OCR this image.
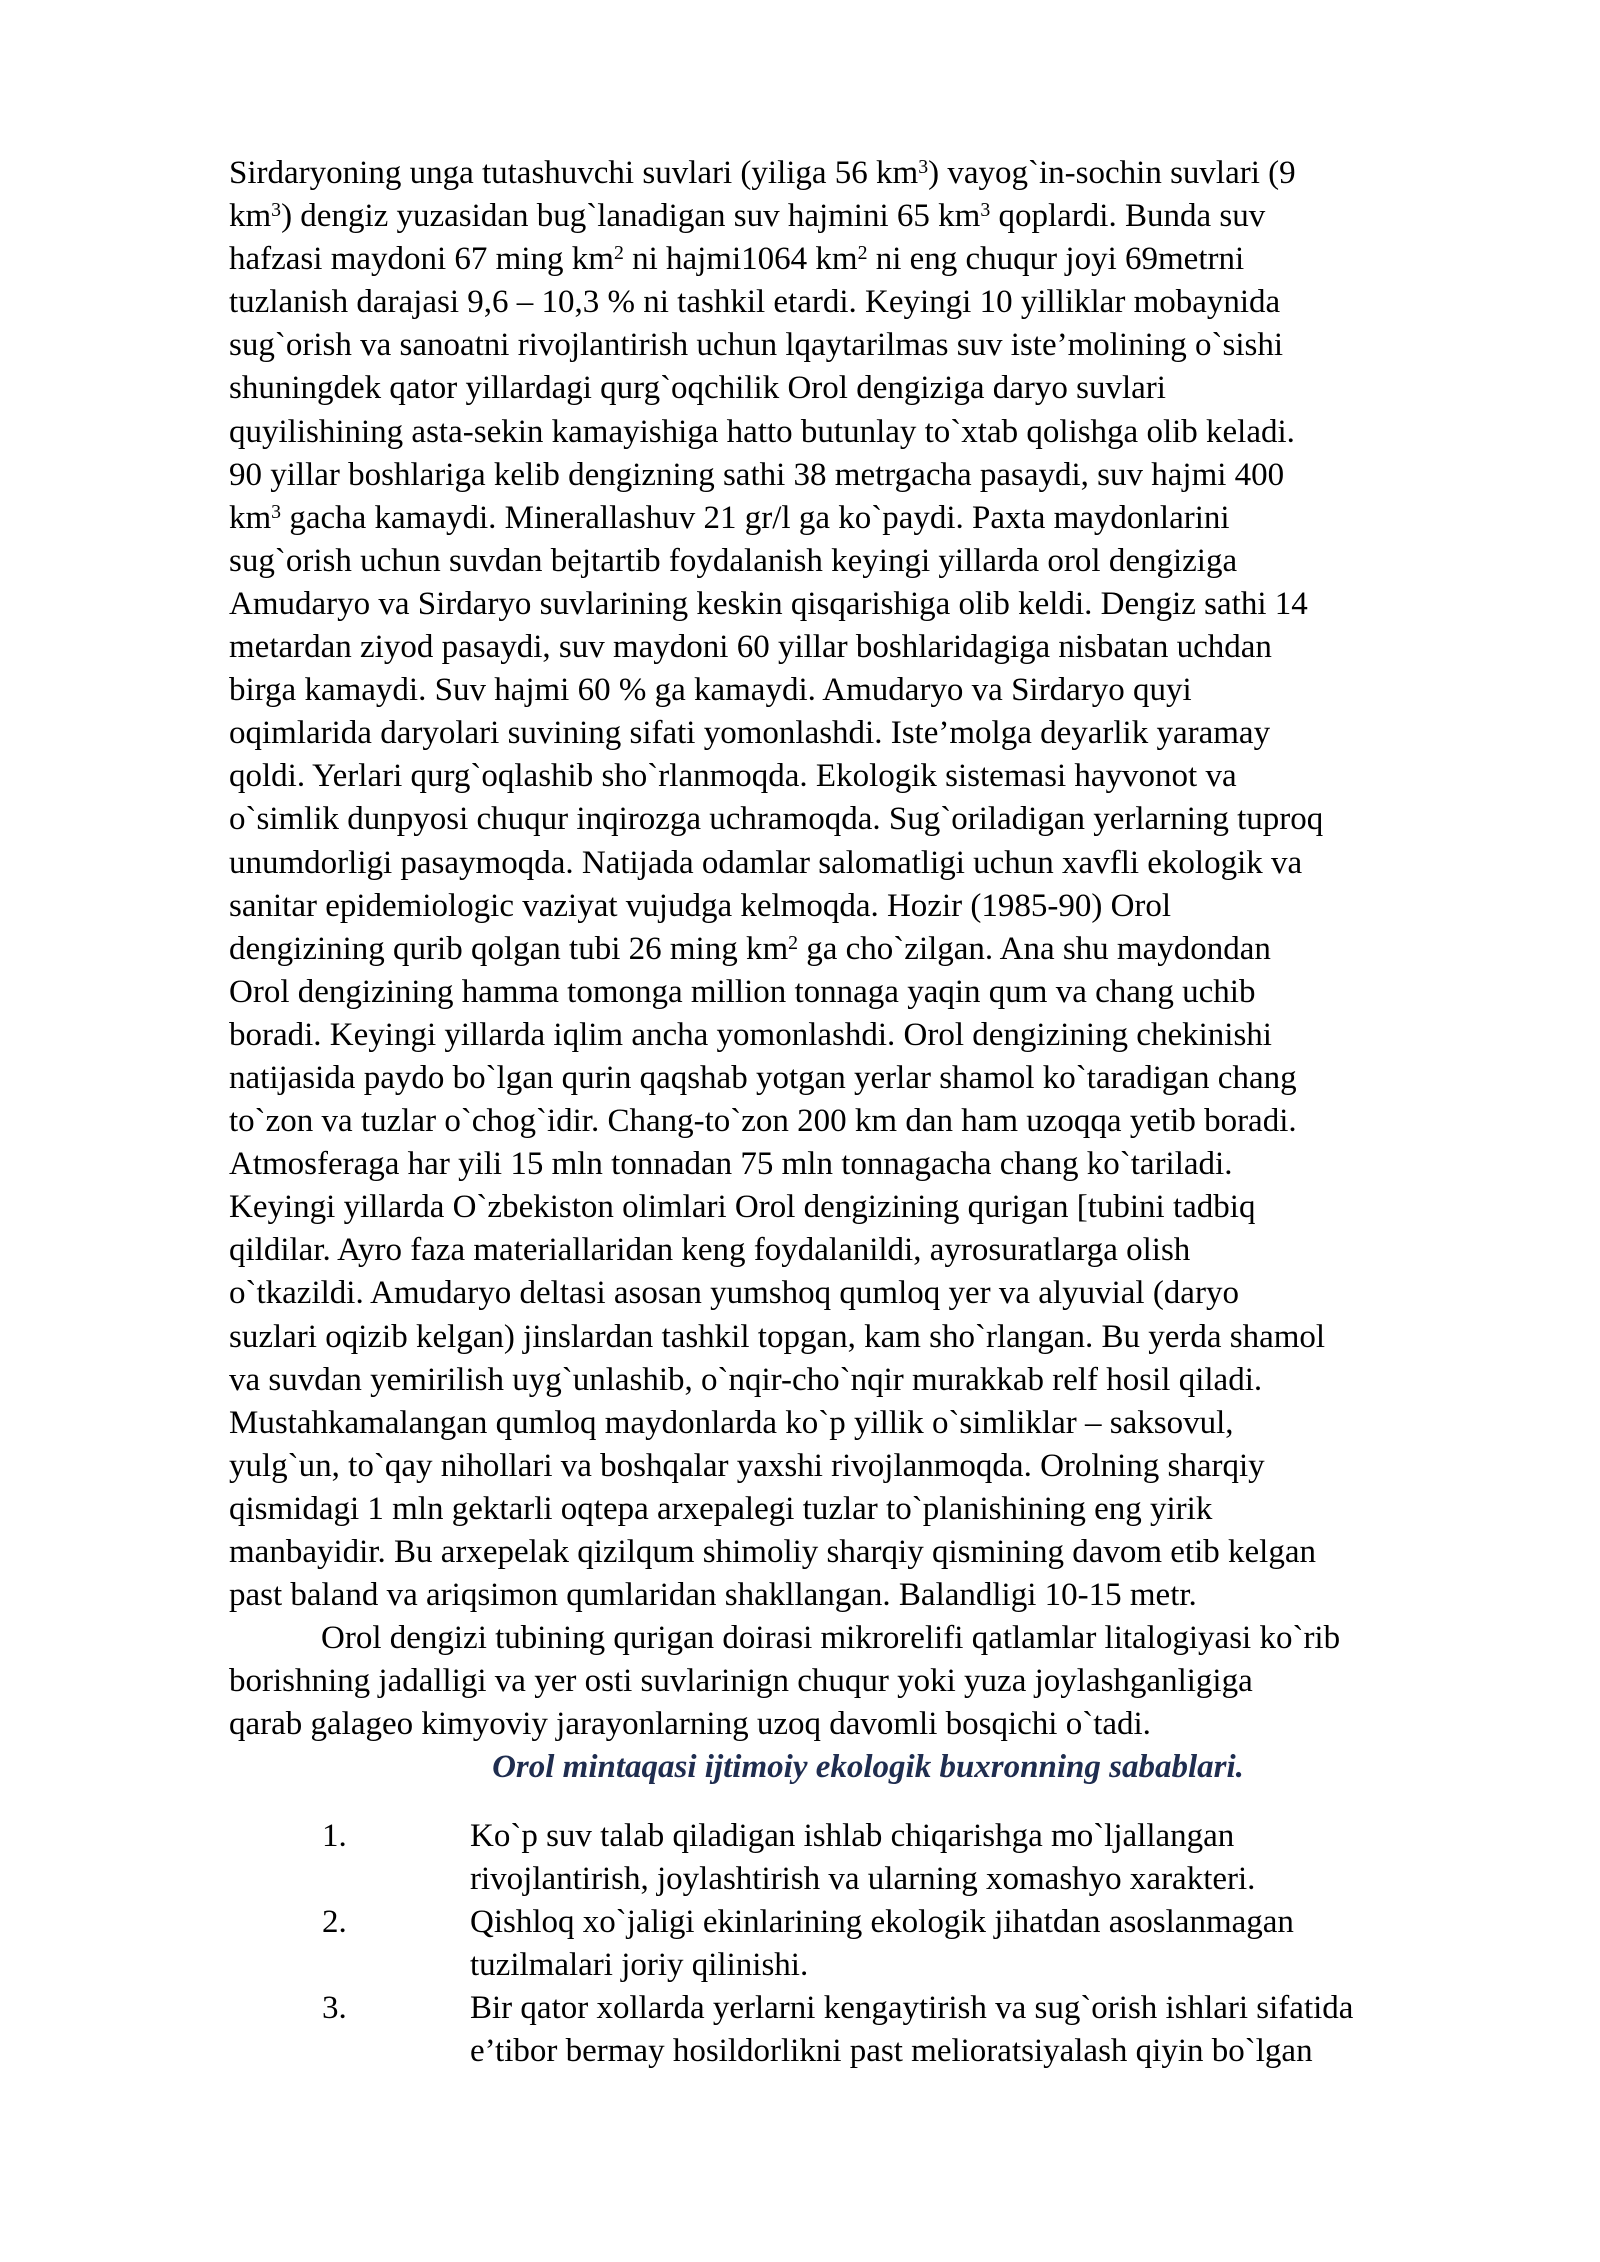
Sirdaryoning unga tutashuvchi suvlari (yiliga 56 $km^3$) vayog`in-sochin suvlari (9
$km^3$) dengiz yuzasidan bug`lanadigan suv hajmini 65 $km^3$ qoplardi. Bunda suv
hafzasi maydoni 67 ming $km^2$ ni hajmi1064 $km^2$ ni eng chuqur joyi 69metrni
tuzlanish darajasi 9,6 – 10,3 % ni tashkil etardi. Keyingi 10 yilliklar mobaynida
sug`orish va sanoatni rivojlantirish uchun lqaytarilmas suv iste’molining o`sishi
shuningdek qator yillardagi qurg`oqchilik Orol dengiziga daryo suvlari
quyilishining asta-sekin kamayishiga hatto butunlay to`xtab qolishga olib keladi.
90 yillar boshlariga kelib dengizning sathi 38 metrgacha pasaydi, suv hajmi 400
$km^3$ gacha kamaydi. Minerallashuv 21 gr/l ga ko`paydi. Paxta maydonlarini
sug`orish uchun suvdan bejtartib foydalanish keyingi yillarda orol dengiziga
Amudaryo va Sirdaryo suvlarining keskin qisqarishiga olib keldi. Dengiz sathi 14
metardan ziyod pasaydi, suv maydoni 60 yillar boshlaridagiga nisbatan uchdan
birga kamaydi. Suv hajmi 60 % ga kamaydi. Amudaryo va Sirdaryo quyi
oqimlarida daryolari suvining sifati yomonlashdi. Iste’molga deyarlik yaramay
qoldi. Yerlari qurg`oqlashib sho`rlanmoqda. Ekologik sistemasi hayvonot va
o`simlik dunpyosi chuqur inqirozga uchramoqda. Sug`oriladigan yerlarning tuproq
unumdorligi pasaymoqda. Natijada odamlar salomatligi uchun xavfli ekologik va
sanitar epidemiologic vaziyat vujudga kelmoqda. Hozir (1985-90) Orol
dengizining qurib qolgan tubi 26 ming $km^2$ ga cho`zilgan. Ana shu maydondan
Orol dengizining hamma tomonga million tonnaga yaqin qum va chang uchib
boradi. Keyingi yillarda iqlim ancha yomonlashdi. Orol dengizining chekinishi
natijasida paydo bo`lgan qurin qaqshab yotgan yerlar shamol ko`taradigan chang
to`zon va tuzlar o`chog`idir. Chang-to`zon 200 km dan ham uzoqqa yetib boradi.
Atmosferaga har yili 15 mln tonnadan 75 mln tonnagacha chang ko`tariladi.
Keyingi yillarda O`zbekiston olimlari Orol dengizining qurigan [tubini tadbiq
qildilar. Ayro faza materiallaridan keng foydalanildi, ayrosuratlarga olish
o`tkazildi. Amudaryo deltasi asosan yumshoq qumloq yer va alyuvial (daryo
suzlari oqizib kelgan) jinslardan tashkil topgan, kam sho`rlangan. Bu yerda shamol
va suvdan yemirilish uyg`unlashib, o`nqir-cho`nqir murakkab relf hosil qiladi.
Mustahkamalangan qumloq maydonlarda ko`p yillik o`simliklar – saksovul,
yulg`un, to`qay nihollari va boshqalar yaxshi rivojlanmoqda. Orolning sharqiy
qismidagi 1 mln gektarli oqtepa arxepalegi tuzlar to`planishining eng yirik
manbayidir. Bu arxepelak qizilqum shimoliy sharqiy qismining davom etib kelgan
past baland va ariqsimon qumlaridan shakllangan. Balandligi 10-15 metr.
Orol dengizi tubining qurigan doirasi mikrorelifi qatlamlar litalogiyasi ko`rib
borishning jadalligi va yer osti suvlarinign chuqur yoki yuza joylashganligiga
qarab galageo kimyoviy jarayonlarning uzoq davomli bosqichi o`tadi.
Orol mintaqasi ijtimoiy ekologik buxronning sabablari.
1.	Ko`p suv talab qiladigan ishlab chiqarishga mo`ljallangan
rivojlantirish, joylashtirish va ularning xomashyo xarakteri.
2.	Qishloq xo`jaligi ekinlarining ekologik jihatdan asoslanmagan
tuzilmalari joriy qilinishi.
3.	Bir qator xollarda yerlarni kengaytirish va sug`orish ishlari sifatida
e’tibor bermay hosildorlikni past melioratsiyalash qiyin bo`lgan
